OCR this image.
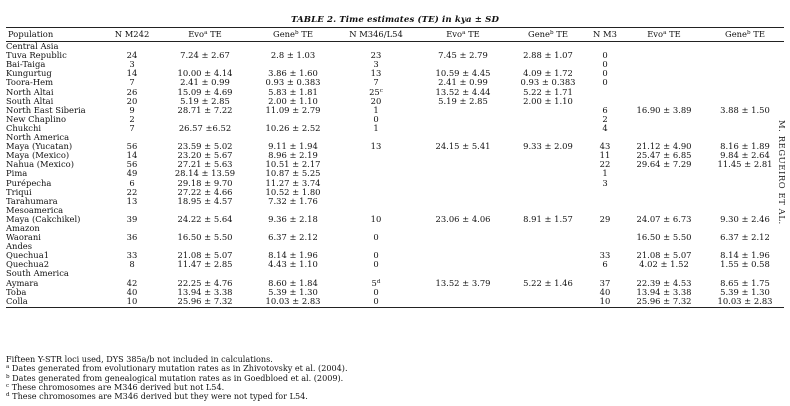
TABLE 2. Time estimates (TE) in kya ± SD
Population	N M242	Evo$^a$ TE	Gene$^b$ TE	N M346/L54	Evo$^a$ TE	Gene$^b$ TE	N M3	Evo$^a$ TE	Gene$^b$ TE
Central Asia									
Tuva Republic	24	7.24 ± 2.67	2.8 ± 1.03	23	7.45 ± 2.79	2.88 ± 1.07	0		
Bai-Taiga	3			3			0		
Kungurtug	14	10.00 ± 4.14	3.86 ± 1.60	13	10.59 ± 4.45	4.09 ± 1.72	0		
Toora-Hem	7	2.41 ± 0.99	0.93 ± 0.383	7	2.41 ± 0.99	0.93 ± 0.383	0		
North Altai	26	15.09 ± 4.69	5.83 ± 1.81	25$^c$	13.52 ± 4.44	5.22 ± 1.71			
South Altai	20	5.19 ± 2.85	2.00 ± 1.10	20	5.19 ± 2.85	2.00 ± 1.10			
North East Siberia	9	28.71 ± 7.22	11.09 ± 2.79	1			6	16.90 ± 3.89	3.88 ± 1.50
New Chaplino	2			0			2		
Chukchi	7	26.57 ±6.52	10.26 ± 2.52	1			4		
North America									
Maya (Yucatan)	56	23.59 ± 5.02	9.11 ± 1.94	13	24.15 ± 5.41	9.33 ± 2.09	43	21.12 ± 4.90	8.16 ± 1.89
Maya (Mexico)	14	23.20 ± 5.67	8.96 ± 2.19				11	25.47 ± 6.85	9.84 ± 2.64
Nahua (Mexico)	56	27.21 ± 5.63	10.51 ± 2.17				22	29.64 ± 7.29	11.45 ± 2.81
Pima	49	28.14 ± 13.59	10.87 ± 5.25				1		
Purépecha	6	29.18 ± 9.70	11.27 ± 3.74				3		
Triqui	22	27.22 ± 4.66	10.52 ± 1.80						
Tarahumara	13	18.95 ± 4.57	7.32 ± 1.76						
Mesoamerica									
Maya (Cakchikel)	39	24.22 ± 5.64	9.36 ± 2.18	10	23.06 ± 4.06	8.91 ± 1.57	29	24.07 ± 6.73	9.30 ± 2.46
Amazon									
Waorani	36	16.50 ± 5.50	6.37 ± 2.12	0				16.50 ± 5.50	6.37 ± 2.12
Andes									
Quechua1	33	21.08 ± 5.07	8.14 ± 1.96	0			33	21.08 ± 5.07	8.14 ± 1.96
Quechua2	8	11.47 ± 2.85	4.43 ± 1.10	0			6	4.02 ± 1.52	1.55 ± 0.58
South America									
Aymara	42	22.25 ± 4.76	8.60 ± 1.84	5$^d$	13.52 ± 3.79	5.22 ± 1.46	37	22.39 ± 4.53	8.65 ± 1.75
Toba	40	13.94 ± 3.38	5.39 ± 1.30	0			40	13.94 ± 3.38	5.39 ± 1.30
Colla	10	25.96 ± 7.32	10.03 ± 2.83	0			10	25.96 ± 7.32	10.03 ± 2.83
Fifteen Y-STR loci used, DYS 385a/b not included in calculations.
$^a$ Dates generated from evolutionary mutation rates as in Zhivotovsky et al. (2004).
$^b$ Dates generated from genealogical mutation rates as in Goedbloed et al. (2009).
$^c$ These chromosomes are M346 derived but not L54.
$^d$ These chromosomes are M346 derived but they were not typed for L54.
M. REGUEIRO ET AL.
